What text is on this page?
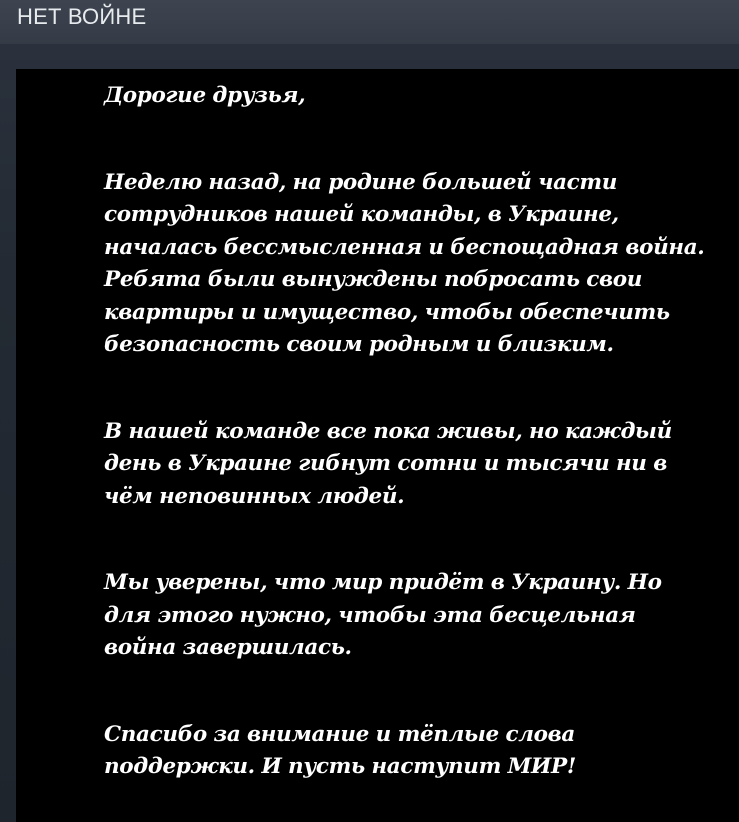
НЕТ ВОЙНЕ

Дорогие друзья,

Неделю назад, на родине большей части
сотрудников нашей команды, в Украине,
началась бессмысленная и беспощадная война.
Ребята были вынуждены побросать свои
квартиры и имущество, чтобы обеспечить
безопасность своим родным и близким.

В нашей команде все пока живы, но каждый
день в Украине гибнут сотни и тысячи ни в
чём неповинных людей.

Мы уверены, что мир придёт в Украину. Но
для этого нужно, чтобы эта бесцельная
война завершилась.

Спасибо за внимание и тёплые слова
поддержки. И пусть наступит МИР!
